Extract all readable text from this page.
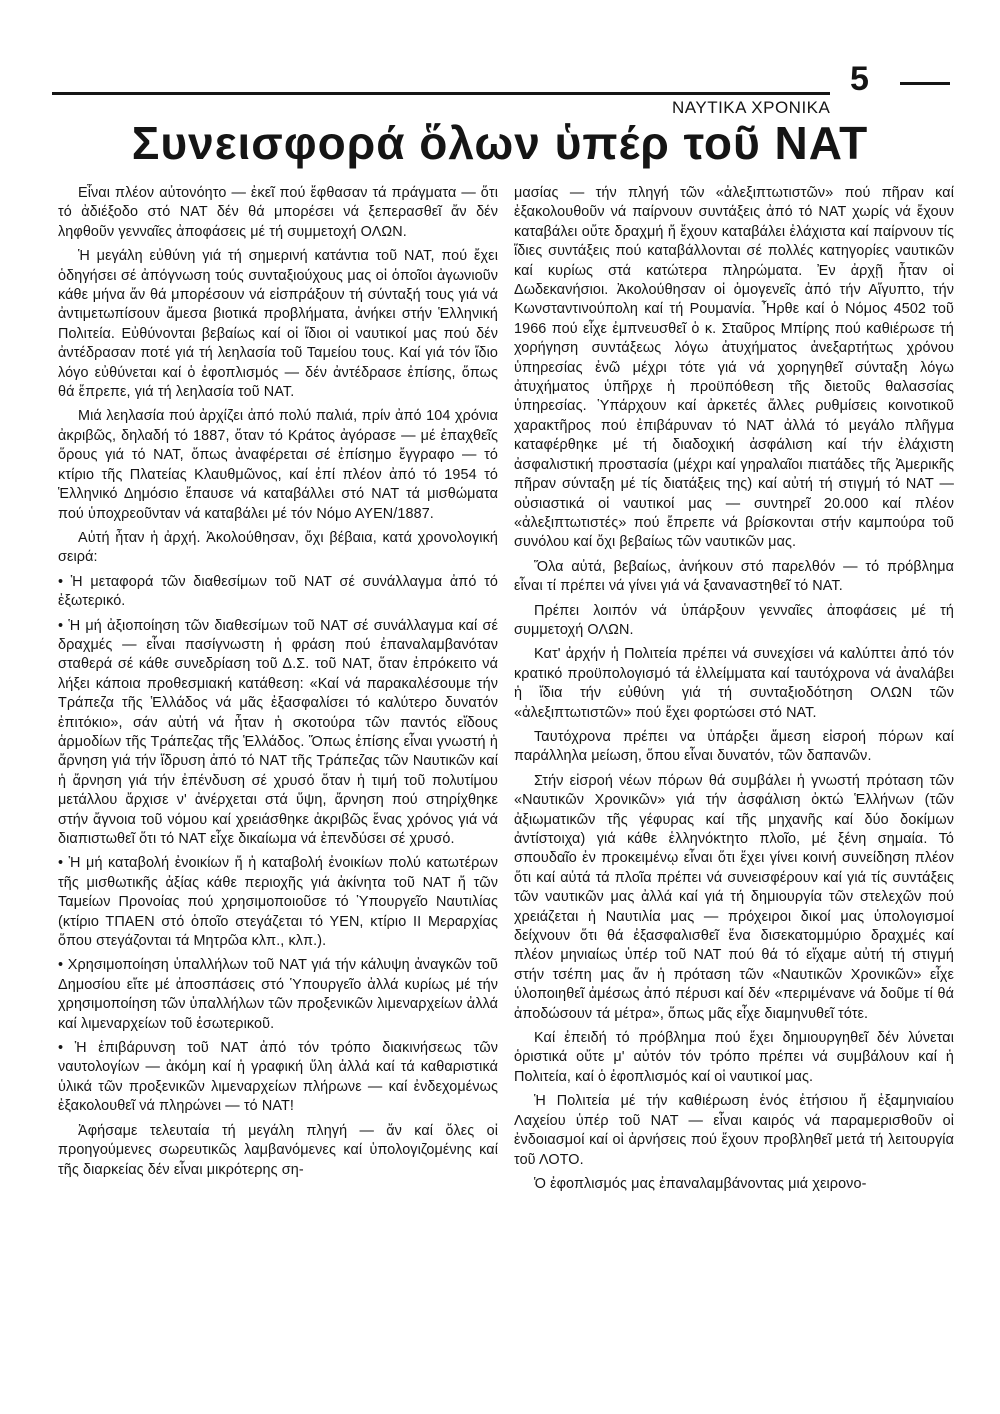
5
ΝΑΥΤΙΚΑ ΧΡΟΝΙΚΑ
Συνεισφορά ὅλων ὑπέρ τοῦ ΝΑΤ

Εἶναι πλέον αὐτονόητο — ἐκεῖ πού ἔφθασαν τά πράγματα — ὅτι τό ἀδιέξοδο στό ΝΑΤ δέν θά μπορέσει νά ξεπερασθεῖ ἄν δέν ληφθοῦν γενναῖες ἀποφάσεις μέ τή συμμετοχή ΟΛΩΝ.

Ἡ μεγάλη εὐθύνη γιά τή σημερινή κατάντια τοῦ ΝΑΤ, πού ἔχει ὁδηγήσει σέ ἀπόγνωση τούς συνταξιούχους μας οἱ ὁποῖοι ἀγωνιοῦν κάθε μήνα ἄν θά μπορέσουν νά εἰσπράξουν τή σύνταξή τους γιά νά ἀντιμετωπίσουν ἄμεσα βιοτικά προβλήματα, ἀνήκει στήν Ἑλληνική Πολιτεία. Εὐθύνονται βεβαίως καί οἱ ἴδιοι οἱ ναυτικοί μας πού δέν ἀντέδρασαν ποτέ γιά τή λεηλασία τοῦ Ταμείου τους. Καί γιά τόν ἴδιο λόγο εὐθύνεται καί ὁ ἐφοπλισμός — δέν ἀντέδρασε ἐπίσης, ὅπως θά ἔπρεπε, γιά τή λεηλασία τοῦ ΝΑΤ.

Μιά λεηλασία πού ἀρχίζει ἀπό πολύ παλιά, πρίν ἀπό 104 χρόνια ἀκριβῶς, δηλαδή τό 1887, ὅταν τό Κράτος ἀγόρασε — μέ ἐπαχθεῖς ὅρους γιά τό ΝΑΤ, ὅπως ἀναφέρεται σέ ἐπίσημο ἔγγραφο — τό κτίριο τῆς Πλατείας Κλαυθμῶνος, καί ἐπί πλέον ἀπό τό 1954 τό Ἑλληνικό Δημόσιο ἔπαυσε νά καταβάλλει στό ΝΑΤ τά μισθώματα πού ὑποχρεοῦνταν νά καταβάλει μέ τόν Νόμο ΑΥΕΝ/1887.

Αὐτή ἦταν ἡ ἀρχή. Ἀκολούθησαν, ὄχι βέβαια, κατά χρονολογική σειρά:

• Ἡ μεταφορά τῶν διαθεσίμων τοῦ ΝΑΤ σέ συνάλλαγμα ἀπό τό ἐξωτερικό.

• Ἡ μή ἀξιοποίηση τῶν διαθεσίμων τοῦ ΝΑΤ σέ συνάλλαγμα καί σέ δραχμές — εἶναι πασίγνωστη ἡ φράση πού ἐπαναλαμβανόταν σταθερά σέ κάθε συνεδρίαση τοῦ Δ.Σ. τοῦ ΝΑΤ, ὅταν ἐπρόκειτο νά λήξει κάποια προθεσμιακή κατάθεση: «Καί νά παρακαλέσουμε τήν Τράπεζα τῆς Ἑλλάδος νά μᾶς ἐξασφαλίσει τό καλύτερο δυνατόν ἐπιτόκιο», σάν αὐτή νά ἦταν ἡ σκοτούρα τῶν παντός εἴδους ἁρμοδίων τῆς Τράπεζας τῆς Ἑλλάδος. Ὅπως ἐπίσης εἶναι γνωστή ἡ ἄρνηση γιά τήν ἵδρυση ἀπό τό ΝΑΤ τῆς Τράπεζας τῶν Ναυτικῶν καί ἡ ἄρνηση γιά τήν ἐπένδυση σέ χρυσό ὅταν ἡ τιμή τοῦ πολυτίμου μετάλλου ἄρχισε ν' ἀνέρχεται στά ὕψη, ἄρνηση πού στηρίχθηκε στήν ἄγνοια τοῦ νόμου καί χρειάσθηκε ἀκριβῶς ἕνας χρόνος γιά νά διαπιστωθεῖ ὅτι τό ΝΑΤ εἶχε δικαίωμα νά ἐπενδύσει σέ χρυσό.

• Ἡ μή καταβολή ἐνοικίων ἤ ἡ καταβολή ἐνοικίων πολύ κατωτέρων τῆς μισθωτικῆς ἀξίας κάθε περιοχῆς γιά ἀκίνητα τοῦ ΝΑΤ ἤ τῶν Ταμείων Προνοίας πού χρησιμοποιοῦσε τό Ὑπουργεῖο Ναυτιλίας (κτίριο ΤΠΑΕΝ στό ὁποῖο στεγάζεται τό ΥΕΝ, κτίριο ΙΙ Μεραρχίας ὅπου στεγάζονται τά Μητρῶα κλπ., κλπ.).

• Χρησιμοποίηση ὑπαλλήλων τοῦ ΝΑΤ γιά τήν κάλυψη ἀναγκῶν τοῦ Δημοσίου εἴτε μέ ἀποσπάσεις στό Ὑπουργεῖο ἀλλά κυρίως μέ τήν χρησιμοποίηση τῶν ὑπαλλήλων τῶν προξενικῶν λιμεναρχείων ἀλλά καί λιμεναρχείων τοῦ ἐσωτερικοῦ.

• Ἡ ἐπιβάρυνση τοῦ ΝΑΤ ἀπό τόν τρόπο διακινήσεως τῶν ναυτολογίων — ἀκόμη καί ἡ γραφική ὕλη ἀλλά καί τά καθαριστικά ὑλικά τῶν προξενικῶν λιμεναρχείων πλήρωνε — καί ἐνδεχομένως ἐξακολουθεῖ νά πληρώνει — τό ΝΑΤ!

Ἀφήσαμε τελευταία τή μεγάλη πληγή — ἄν καί ὅλες οἱ προηγούμενες σωρευτικῶς λαμβανόμενες καί ὑπολογιζομένης καί τῆς διαρκείας δέν εἶναι μικρότερης ση-

μασίας — τήν πληγή τῶν «ἀλεξιπτωτιστῶν» πού πῆραν καί ἐξακολουθοῦν νά παίρνουν συντάξεις ἀπό τό ΝΑΤ χωρίς νά ἔχουν καταβάλει οὔτε δραχμή ἤ ἔχουν καταβάλει ἐλάχιστα καί παίρνουν τίς ἴδιες συντάξεις πού καταβάλλονται σέ πολλές κατηγορίες ναυτικῶν καί κυρίως στά κατώτερα πληρώματα. Ἐν ἀρχῇ ἦταν οἱ Δωδεκανήσιοι. Ἀκολούθησαν οἱ ὁμογενεῖς ἀπό τήν Αἴγυπτο, τήν Κωνσταντινούπολη καί τή Ρουμανία. Ἦρθε καί ὁ Νόμος 4502 τοῦ 1966 πού εἶχε ἐμπνευσθεῖ ὁ κ. Σταῦρος Μπίρης πού καθιέρωσε τή χορήγηση συντάξεως λόγω ἀτυχήματος ἀνεξαρτήτως χρόνου ὑπηρεσίας ἐνῶ μέχρι τότε γιά νά χορηγηθεῖ σύνταξη λόγω ἀτυχήματος ὑπῆρχε ἡ προϋπόθεση τῆς διετοῦς θαλασσίας ὑπηρεσίας. Ὑπάρχουν καί ἀρκετές ἄλλες ρυθμίσεις κοινοτικοῦ χαρακτῆρος πού ἐπιβάρυναν τό ΝΑΤ ἀλλά τό μεγάλο πλῆγμα καταφέρθηκε μέ τή διαδοχική ἀσφάλιση καί τήν ἐλάχιστη ἀσφαλιστική προστασία (μέχρι καί γηραλαῖοι πιατάδες τῆς Ἀμερικῆς πῆραν σύνταξη μέ τίς διατάξεις της) καί αὐτή τή στιγμή τό ΝΑΤ — οὐσιαστικά οἱ ναυτικοί μας — συντηρεῖ 20.000 καί πλέον «ἀλεξιπτωτιστές» πού ἔπρεπε νά βρίσκονται στήν καμπούρα τοῦ συνόλου καί ὄχι βεβαίως τῶν ναυτικῶν μας.

Ὅλα αὐτά, βεβαίως, ἀνήκουν στό παρελθόν — τό πρόβλημα εἶναι τί πρέπει νά γίνει γιά νά ξαναναστηθεῖ τό ΝΑΤ.

Πρέπει λοιπόν νά ὑπάρξουν γενναῖες ἀποφάσεις μέ τή συμμετοχή ΟΛΩΝ.

Κατ' ἀρχήν ἡ Πολιτεία πρέπει νά συνεχίσει νά καλύπτει ἀπό τόν κρατικό προϋπολογισμό τά ἐλλείμματα καί ταυτόχρονα νά ἀναλάβει ἡ ἴδια τήν εὐθύνη γιά τή συνταξιοδότηση ΟΛΩΝ τῶν «ἀλεξιπτωτιστῶν» πού ἔχει φορτώσει στό ΝΑΤ.

Ταυτόχρονα πρέπει να ὑπάρξει ἄμεση εἰσροή πόρων καί παράλληλα μείωση, ὅπου εἶναι δυνατόν, τῶν δαπανῶν.

Στήν εἰσροή νέων πόρων θά συμβάλει ἡ γνωστή πρόταση τῶν «Ναυτικῶν Χρονικῶν» γιά τήν ἀσφάλιση ὀκτώ Ἑλλήνων (τῶν ἀξιωματικῶν τῆς γέφυρας καί τῆς μηχανῆς καί δύο δοκίμων ἀντίστοιχα) γιά κάθε ἑλληνόκτητο πλοῖο, μέ ξένη σημαία. Τό σπουδαῖο ἐν προκειμένῳ εἶναι ὅτι ἔχει γίνει κοινή συνείδηση πλέον ὅτι καί αὐτά τά πλοῖα πρέπει νά συνεισφέρουν καί γιά τίς συντάξεις τῶν ναυτικῶν μας ἀλλά καί γιά τή δημιουργία τῶν στελεχῶν πού χρειάζεται ἡ Ναυτιλία μας — πρόχειροι δικοί μας ὑπολογισμοί δείχνουν ὅτι θά ἐξασφαλισθεῖ ἕνα δισεκατομμύριο δραχμές καί πλέον μηνιαίως ὑπέρ τοῦ ΝΑΤ πού θά τό εἴχαμε αὐτή τή στιγμή στήν τσέπη μας ἄν ἡ πρόταση τῶν «Ναυτικῶν Χρονικῶν» εἶχε ὑλοποιηθεῖ ἀμέσως ἀπό πέρυσι καί δέν «περιμένανε νά δοῦμε τί θά ἀποδώσουν τά μέτρα», ὅπως μᾶς εἶχε διαμηνυθεῖ τότε.

Καί ἐπειδή τό πρόβλημα πού ἔχει δημιουργηθεῖ δέν λύνεται ὁριστικά οὔτε μ' αὐτόν τόν τρόπο πρέπει νά συμβάλουν καί ἡ Πολιτεία, καί ὁ ἐφοπλισμός καί οἱ ναυτικοί μας.

Ἡ Πολιτεία μέ τήν καθιέρωση ἑνός ἐτήσιου ἤ ἑξαμηνιαίου Λαχείου ὑπέρ τοῦ ΝΑΤ — εἶναι καιρός νά παραμερισθοῦν οἱ ἐνδοιασμοί καί οἱ ἀρνήσεις πού ἔχουν προβληθεῖ μετά τή λειτουργία τοῦ ΛΟΤΟ.

Ὁ ἐφοπλισμός μας ἐπαναλαμβάνοντας μιά χειρονο-
